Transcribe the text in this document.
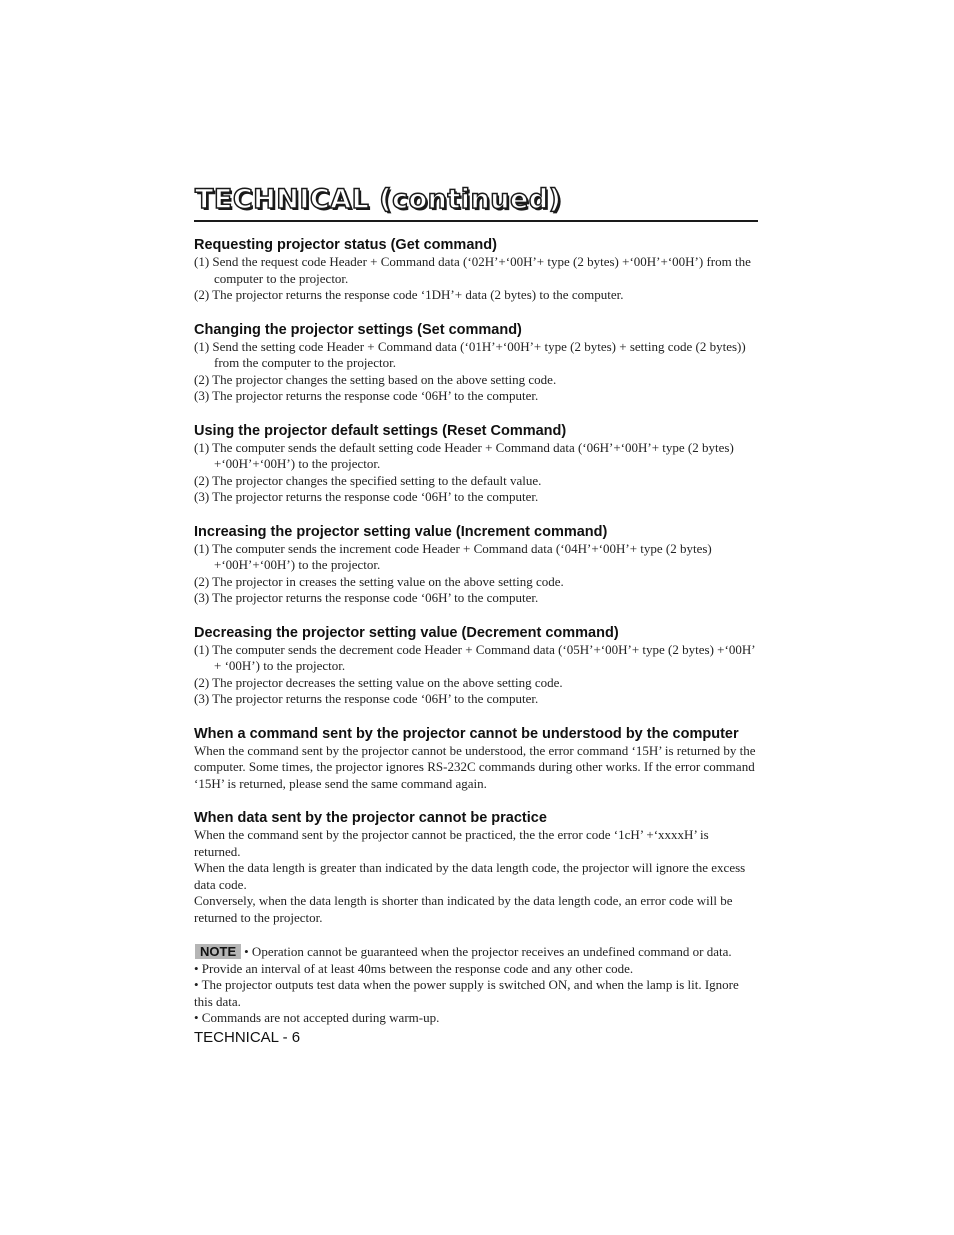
TECHNICAL (continued)
Requesting projector status (Get command)

(1) Send the request code Header + Command data (‘02H’+‘00H’+ type (2 bytes) +‘00H’+‘00H’) from the computer to the projector.

(2) The projector returns the response code ‘1DH’+ data (2 bytes) to the computer.

Changing the projector settings (Set command)

(1) Send the setting code Header + Command data (‘01H’+‘00H’+ type (2 bytes) + setting code (2 bytes)) from the computer to the projector.

(2) The projector changes the setting based on the above setting code.

(3) The projector returns the response code ‘06H’ to the computer.

Using the projector default settings (Reset Command)

(1) The computer sends the default setting code Header + Command data (‘06H’+‘00H’+ type (2 bytes) +‘00H’+‘00H’) to the projector.

(2) The projector changes the specified setting to the default value.

(3) The projector returns the response code ‘06H’ to the computer.

Increasing the projector setting value (Increment command)

(1) The computer sends the increment code Header + Command data (‘04H’+‘00H’+ type (2 bytes) +‘00H’+‘00H’) to the projector.

(2) The projector in creases the setting value on the above setting code.

(3) The projector returns the response code ‘06H’ to the computer.

Decreasing the projector setting value (Decrement command)

(1) The computer sends the decrement code Header + Command data (‘05H’+‘00H’+ type (2 bytes) +‘00H’ + ‘00H’) to the projector.

(2) The projector decreases the setting value on the above setting code.

(3) The projector returns the response code ‘06H’ to the computer.

When a command sent by the projector cannot be understood by the computer

When the command sent by the projector cannot be understood, the error command ‘15H’ is returned by the computer. Some times, the projector ignores RS-232C commands during other works. If the error command ‘15H’ is returned, please send the same command again.

When data sent by the projector cannot be practice

When the command sent by the projector cannot be practiced, the the error code ‘1cH’ +‘xxxxH’ is returned.

When the data length is greater than indicated by the data length code, the projector will ignore the excess data code.

Conversely, when the data length is shorter than indicated by the data length code, an error code will be returned to the projector.

NOTE • Operation cannot be guaranteed when the projector receives an undefined command or data.

• Provide an interval of at least 40ms between the response code and any other code.

• The projector outputs test data when the power supply is switched ON, and when the lamp is lit. Ignore this data.

• Commands are not accepted during warm-up.

TECHNICAL - 6
